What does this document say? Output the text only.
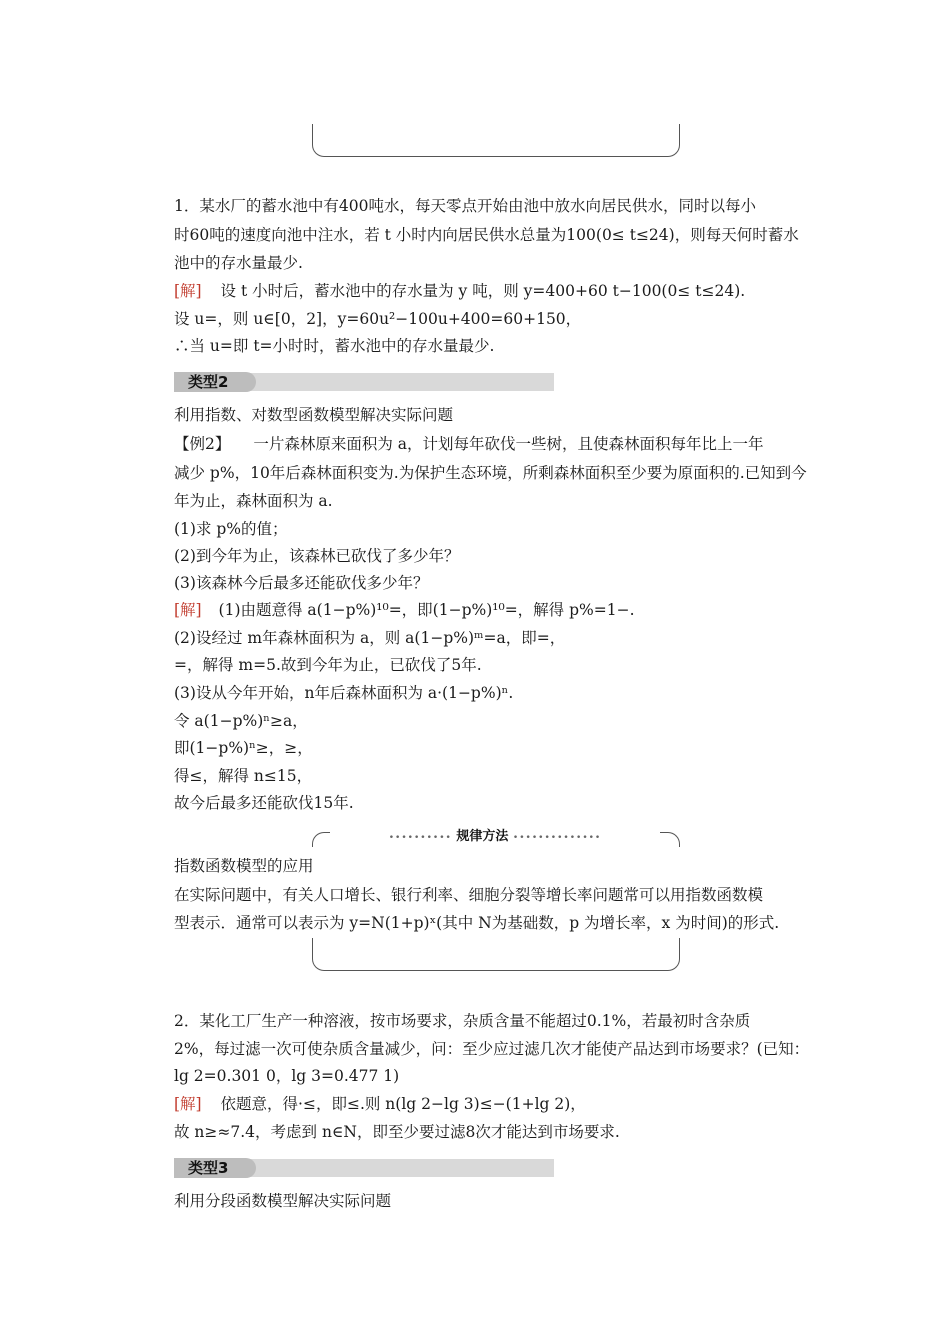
1．某水厂的蓄水池中有400吨水，每天零点开始由池中放水向居民供水，同时以每小
时60吨的速度向池中注水，若 t 小时内向居民供水总量为100(0≤ t≤24)，则每天何时蓄水
池中的存水量最少.
[解] 设 t 小时后，蓄水池中的存水量为 y 吨，则 y=400+60 t−100(0≤ t≤24).
设 u=，则 u∈[0，2]，y=60u²−100u+400=60+150，
∴当 u=即 t=小时时，蓄水池中的存水量最少.
类型2
利用指数、对数型函数模型解决实际问题
【例2】 一片森林原来面积为 a，计划每年砍伐一些树，且使森林面积每年比上一年
减少 p%，10年后森林面积变为.为保护生态环境，所剩森林面积至少要为原面积的.已知到今
年为止，森林面积为 a.
(1)求 p%的值；
(2)到今年为止，该森林已砍伐了多少年？
(3)该森林今后最多还能砍伐多少年？
[解] (1)由题意得 a(1−p%)¹⁰=，即(1−p%)¹⁰=，解得 p%=1−.
(2)设经过 m年森林面积为 a，则 a(1−p%)ᵐ=a，即=，
=，解得 m=5.故到今年为止，已砍伐了5年.
(3)设从今年开始，n年后森林面积为 a·(1−p%)ⁿ.
令 a(1−p%)ⁿ≥a，
即(1−p%)ⁿ≥，≥，
得≤，解得 n≤15，
故今后最多还能砍伐15年.
•••••••••• 规律方法 ••••••••••••••
指数函数模型的应用
在实际问题中，有关人口增长、银行利率、细胞分裂等增长率问题常可以用指数函数模
型表示．通常可以表示为 y=N(1+p)ˣ(其中 N为基础数，p 为增长率，x 为时间)的形式.
2．某化工厂生产一种溶液，按市场要求，杂质含量不能超过0.1%，若最初时含杂质
2%，每过滤一次可使杂质含量减少，问：至少应过滤几次才能使产品达到市场要求？(已知：
lg 2=0.301 0，lg 3=0.477 1)
[解] 依题意，得·≤，即≤.则 n(lg 2−lg 3)≤−(1+lg 2)，
故 n≥≈7.4，考虑到 n∈N，即至少要过滤8次才能达到市场要求.
类型3
利用分段函数模型解决实际问题
